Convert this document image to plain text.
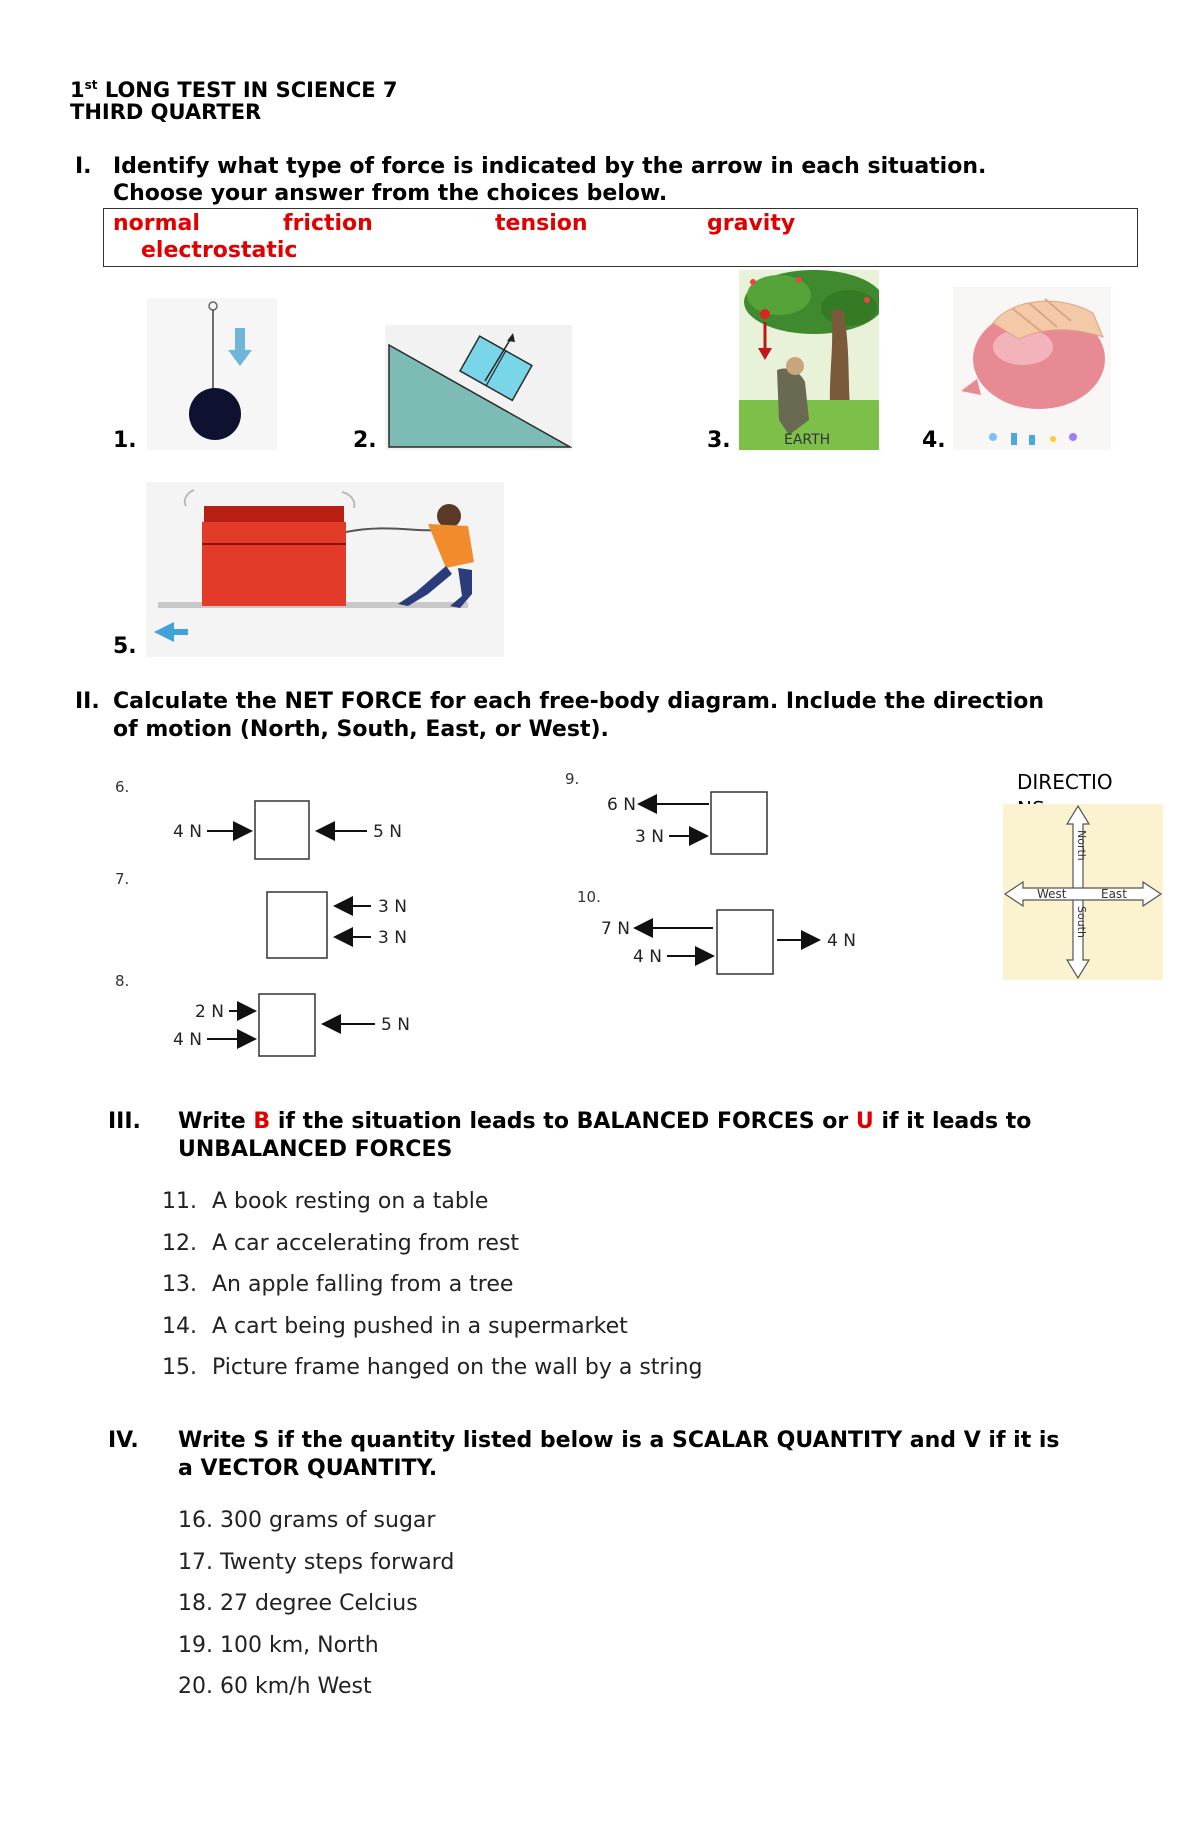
1st LONG TEST IN SCIENCE 7
THIRD QUARTER
I. Identify what type of force is indicated by the arrow in each situation.
Choose your answer from the choices below.
normal	friction	tension	gravity
electrostatic
1.	2.	3.	EARTH	4.
5.
II. Calculate the NET FORCE for each free-body diagram. Include the direction
of motion (North, South, East, or West).
6.
4 N	5 N
7.
3 N
3 N
8.
2 N
4 N
5 N
9.
6 N
3 N
10.
7 N
4 N
4 N
DIRECTIO
North
South
West	East
III. Write B if the situation leads to BALANCED FORCES or U if it leads to
UNBALANCED FORCES
11. A book resting on a table
12. A car accelerating from rest
13. An apple falling from a tree
14. A cart being pushed in a supermarket
15. Picture frame hanged on the wall by a string
IV. Write S if the quantity listed below is a SCALAR QUANTITY and V if it is
a VECTOR QUANTITY.
16. 300 grams of sugar
17. Twenty steps forward
18. 27 degree Celcius
19. 100 km, North
20. 60 km/h West
